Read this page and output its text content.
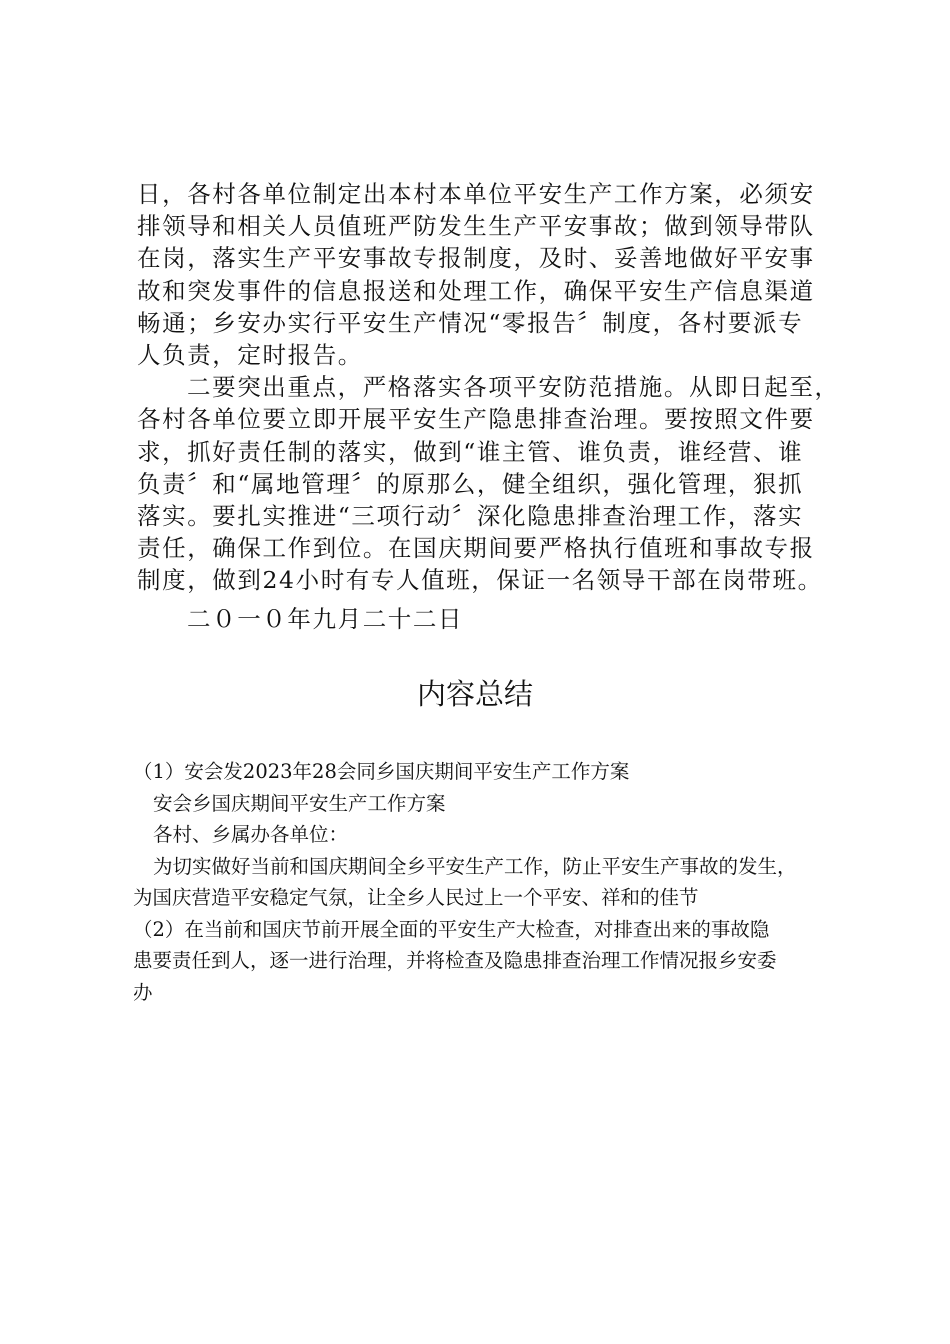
日，各村各单位制定出本村本单位平安生产工作方案，必须安
排领导和相关人员值班严防发生生产平安事故；做到领导带队
在岗，落实生产平安事故专报制度，及时、妥善地做好平安事
故和突发事件的信息报送和处理工作，确保平安生产信息渠道
畅通；乡安办实行平安生产情况“零报告〞制度，各村要派专
人负责，定时报告。
二要突出重点，严格落实各项平安防范措施。从即日起至，
各村各单位要立即开展平安生产隐患排查治理。要按照文件要
求，抓好责任制的落实，做到“谁主管、谁负责，谁经营、谁
负责〞和“属地管理〞的原那么，健全组织，强化管理，狠抓
落实。要扎实推进“三项行动〞深化隐患排查治理工作，落实
责任，确保工作到位。在国庆期间要严格执行值班和事故专报
制度，做到24小时有专人值班，保证一名领导干部在岗带班。
二０一０年九月二十二日
内容总结
（1）安会发2023年28会同乡国庆期间平安生产工作方案
安会乡国庆期间平安生产工作方案
各村、乡属办各单位：
为切实做好当前和国庆期间全乡平安生产工作，防止平安生产事故的发生，
为国庆营造平安稳定气氛，让全乡人民过上一个平安、祥和的佳节
（2）在当前和国庆节前开展全面的平安生产大检查，对排查出来的事故隐
患要责任到人，逐一进行治理，并将检查及隐患排查治理工作情况报乡安委
办
